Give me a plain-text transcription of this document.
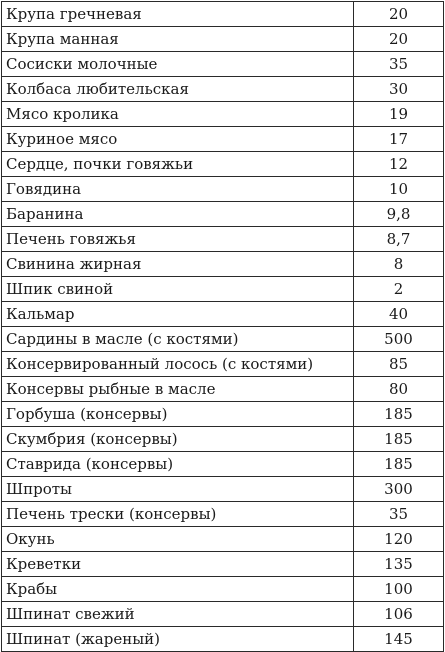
Крупа гречневая	20
Крупа манная	20
Сосиски молочные	35
Колбаса любительская	30
Мясо кролика	19
Куриное мясо	17
Сердце, почки говяжьи	12
Говядина	10
Баранина	9,8
Печень говяжья	8,7
Свинина жирная	8
Шпик свиной	2
Кальмар	40
Сардины в масле (с костями)	500
Консервированный лосось (с костями)	85
Консервы рыбные в масле	80
Горбуша (консервы)	185
Скумбрия (консервы)	185
Ставрида (консервы)	185
Шпроты	300
Печень трески (консервы)	35
Окунь	120
Креветки	135
Крабы	100
Шпинат свежий	106
Шпинат (жареный)	145
